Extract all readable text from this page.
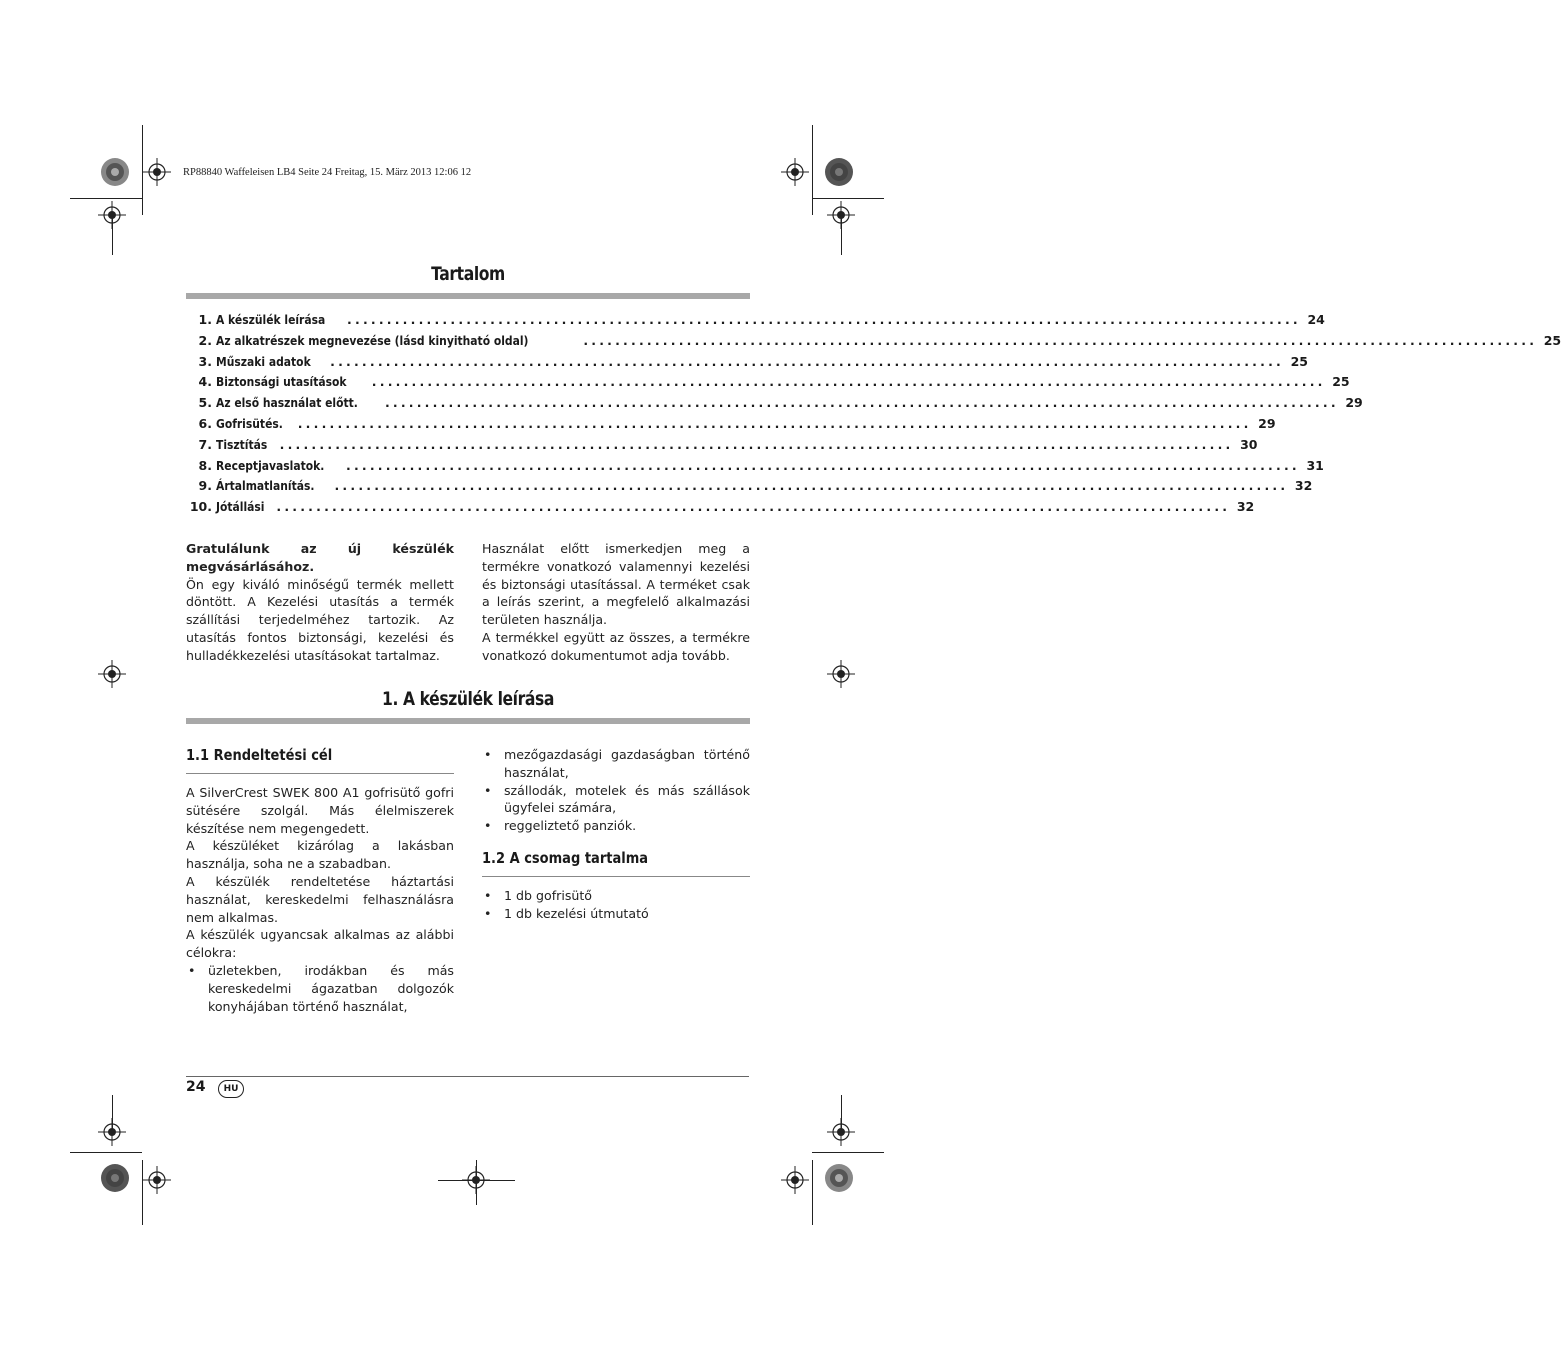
RP88840 Waffeleisen LB4 Seite 24 Freitag, 15. März 2013 12:06 12
Tartalom
1. A készülék leírása ........................................................................................................................ 24
2. Az alkatrészek megnevezése (lásd kinyitható oldal)	........................................................................................................................ 25
3. Műszaki adatok ........................................................................................................................ 25
4. Biztonsági utasítások ........................................................................................................................ 25
5. Az első használat előtt. ........................................................................................................................ 29
6. Gofrisütés. ........................................................................................................................ 29
7. Tisztítás ........................................................................................................................ 30
8. Receptjavaslatok. ........................................................................................................................ 31
9. Ártalmatlanítás. ........................................................................................................................ 32
10. Jótállási ........................................................................................................................ 32

Gratulálunk az új készülék megvásárlásához.

Ön egy kiváló minőségű termék mellett döntött. A Kezelési utasítás a termék szállítási terjedelméhez tartozik. Az utasítás fontos biztonsági, kezelési és hulladékkezelési utasításokat tartalmaz.

Használat előtt ismerkedjen meg a termékre vonatkozó valamennyi kezelési és biztonsági utasítással. A terméket csak a leírás szerint, a megfelelő alkalmazási területen használja.

A termékkel együtt az összes, a termékre vonatkozó dokumentumot adja tovább.

1. A készülék leírása
1.1 Rendeltetési cél

A SilverCrest SWEK 800 A1 gofrisütő gofri sütésére szolgál. Más élelmiszerek készítése nem megengedett.

A készüléket kizárólag a lakásban használja, soha ne a szabadban.

A készülék rendeltetése háztartási használat, kereskedelmi felhasználásra nem alkalmas.

A készülék ugyancsak alkalmas az alábbi célokra:

• üzletekben, irodákban és más kereskedelmi ágazatban dolgozók konyhájában történő használat,
• mezőgazdasági gazdaságban történő használat,
• szállodák, motelek és más szállások ügyfelei számára,
• reggeliztető panziók.
1.2 A csomag tartalma
• 1 db gofrisütő
• 1 db kezelési útmutató
24	HU
